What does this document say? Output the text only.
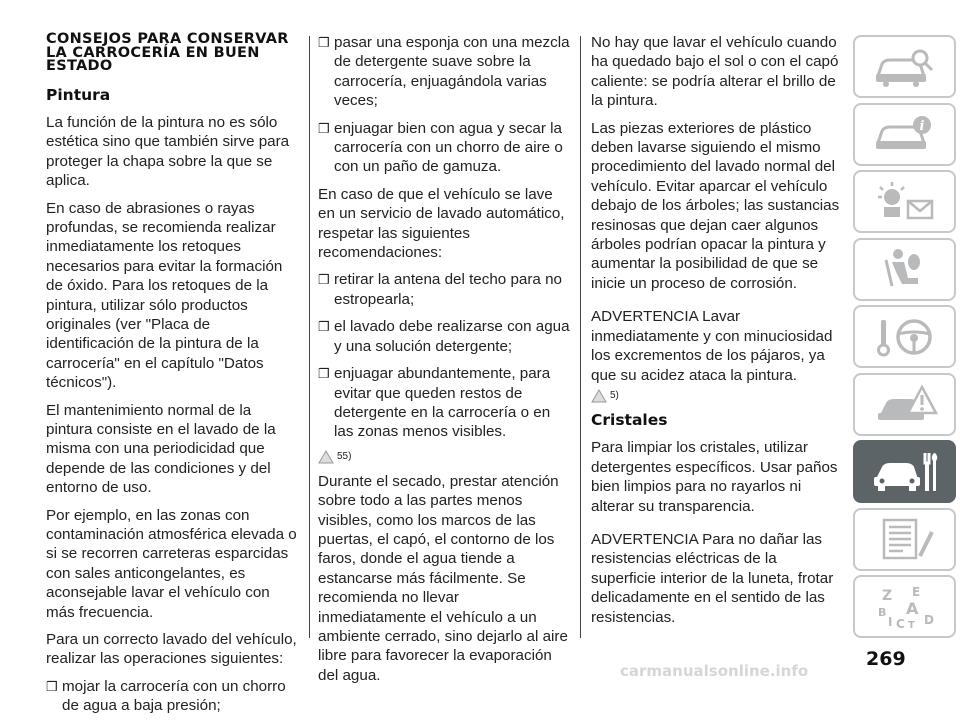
CONSEJOS PARA CONSERVAR LA CARROCERÍA EN BUEN ESTADO
Pintura

La función de la pintura no es sólo estética sino que también sirve para proteger la chapa sobre la que se aplica.

En caso de abrasiones o rayas profundas, se recomienda realizar inmediatamente los retoques necesarios para evitar la formación de óxido. Para los retoques de la pintura, utilizar sólo productos originales (ver "Placa de identificación de la pintura de la carrocería" en el capítulo "Datos técnicos").

El mantenimiento normal de la pintura consiste en el lavado de la misma con una periodicidad que depende de las condiciones y del entorno de uso.

Por ejemplo, en las zonas con contaminación atmosférica elevada o si se recorren carreteras esparcidas con sales anticongelantes, es aconsejable lavar el vehículo con más frecuencia.

Para un correcto lavado del vehículo, realizar las operaciones siguientes:

❒ mojar la carrocería con un chorro de agua a baja presión;

❒ pasar una esponja con una mezcla de detergente suave sobre la carrocería, enjuagándola varias veces;

❒ enjuagar bien con agua y secar la carrocería con un chorro de aire o con un paño de gamuza.

En caso de que el vehículo se lave en un servicio de lavado automático, respetar las siguientes recomendaciones:

❒ retirar la antena del techo para no estropearla;

❒ el lavado debe realizarse con agua y una solución detergente;

❒ enjuagar abundantemente, para evitar que queden restos de detergente en la carrocería o en las zonas menos visibles.

55)

Durante el secado, prestar atención sobre todo a las partes menos visibles, como los marcos de las puertas, el capó, el contorno de los faros, donde el agua tiende a estancarse más fácilmente. Se recomienda no llevar inmediatamente el vehículo a un ambiente cerrado, sino dejarlo al aire libre para favorecer la evaporación del agua.

No hay que lavar el vehículo cuando ha quedado bajo el sol o con el capó caliente: se podría alterar el brillo de la pintura.

Las piezas exteriores de plástico deben lavarse siguiendo el mismo procedimiento del lavado normal del vehículo. Evitar aparcar el vehículo debajo de los árboles; las sustancias resinosas que dejan caer algunos árboles podrían opacar la pintura y aumentar la posibilidad de que se inicie un proceso de corrosión.

ADVERTENCIA Lavar inmediatamente y con minuciosidad los excrementos de los pájaros, ya que su acidez ataca la pintura.

5)
Cristales

Para limpiar los cristales, utilizar detergentes específicos. Usar paños bien limpios para no rayarlos ni alterar su transparencia.

ADVERTENCIA Para no dañar las resistencias eléctricas de la superficie interior de la luneta, frotar delicadamente en el sentido de las resistencias.

i
Z E
B A
I C T D
269
carmanualsonline.info
